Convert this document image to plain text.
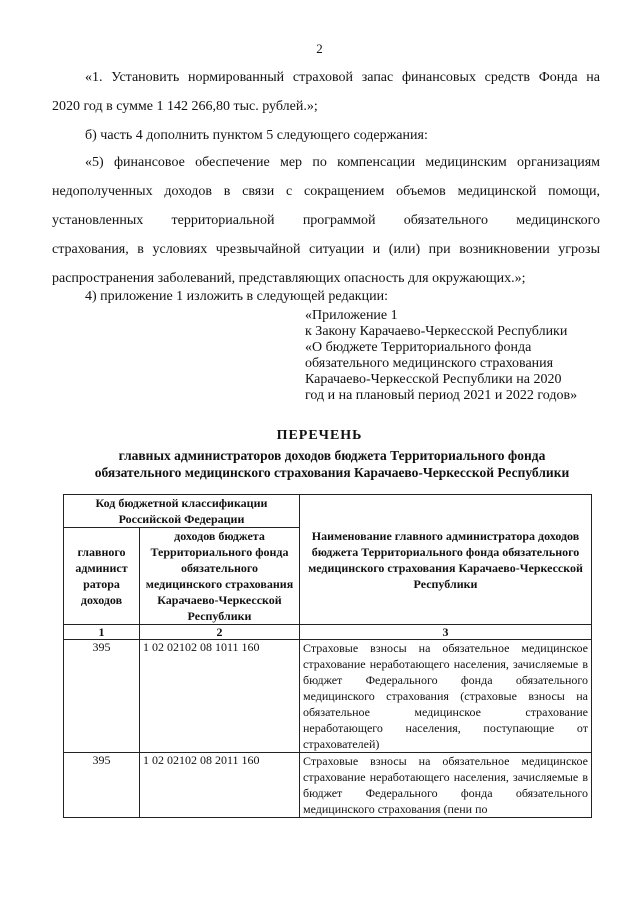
2
«1. Установить нормированный страховой запас финансовых средств Фонда на
2020 год в сумме 1 142 266,80 тыс. рублей.»;
б) часть 4 дополнить пунктом 5 следующего содержания:
«5) финансовое обеспечение мер по компенсации медицинским организациям
недополученных доходов в связи с сокращением объемов медицинской помощи,
установленных территориальной программой обязательного медицинского
страхования, в условиях чрезвычайной ситуации и (или) при возникновении угрозы
распространения заболеваний, представляющих опасность для окружающих.»;
4) приложение 1 изложить в следующей редакции:
«Приложение 1
к Закону Карачаево-Черкесской Республики
«О бюджете Территориального фонда
обязательного медицинского страхования
Карачаево-Черкесской Республики на 2020
год и на плановый период 2021 и 2022 годов»
ПЕРЕЧЕНЬ
главных администраторов доходов бюджета Территориального фонда
обязательного медицинского страхования Карачаево-Черкесской Республики
Код бюджетной классификации Российской Федерации		Наименование главного администратора доходов бюджета Территориального фонда обязательного медицинского страхования Карачаево-Черкесской Республики
главного админист ратора доходов	доходов бюджета Территориального фонда обязательного медицинского страхования Карачаево-Черкесской Республики	
1	2	3
395	1 02 02102 08 1011 160	Страховые взносы на обязательное медицинское страхование неработающего населения, зачисляемые в бюджет Федерального фонда обязательного медицинского страхования (страховые взносы на обязательное медицинское страхование неработающего населения, поступающие от страхователей)
395	1 02 02102 08 2011 160	Страховые взносы на обязательное медицинское страхование неработающего населения, зачисляемые в бюджет Федерального фонда обязательного медицинского страхования (пени по
